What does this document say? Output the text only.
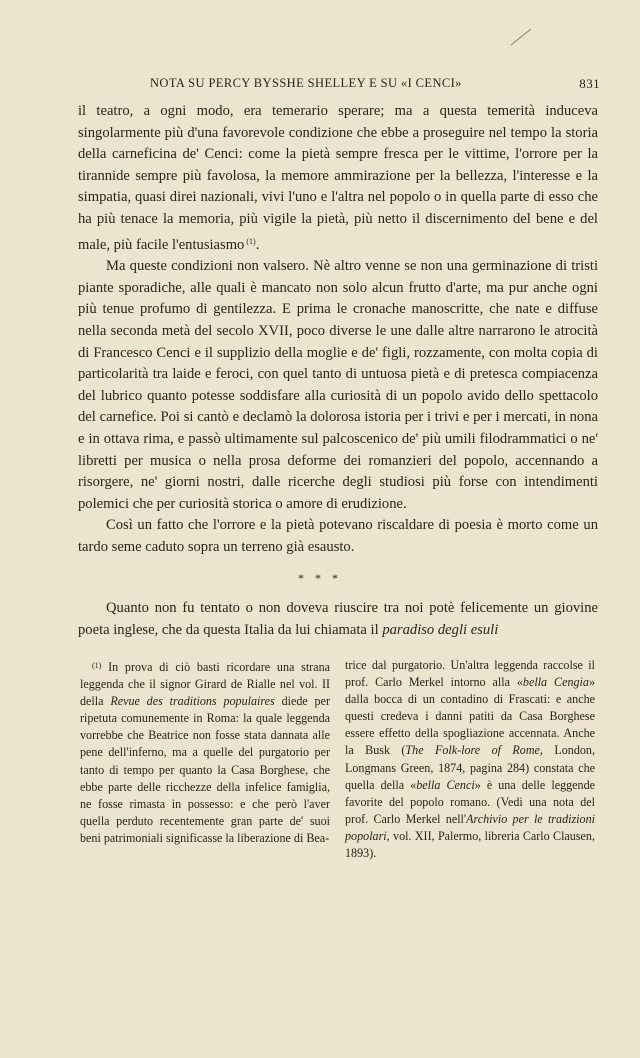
NOTA SU PERCY BYSSHE SHELLEY E SU «I CENCI»	831

il teatro, a ogni modo, era temerario sperare; ma a questa temerità induceva singolarmente più d'una favorevole condizione che ebbe a proseguire nel tempo la storia della carneficina de' Cenci: come la pietà sempre fresca per le vittime, l'orrore per la tirannide sempre più favolosa, la memore ammirazione per la bellezza, l'interesse e la simpatia, quasi direi nazionali, vivi l'uno e l'altra nel popolo o in quella parte di esso che ha più tenace la memoria, più vigile la pietà, più netto il discernimento del bene e del male, più facile l'entusiasmo $^{(1)}$.

Ma queste condizioni non valsero. Nè altro venne se non una germinazione di tristi piante sporadiche, alle quali è mancato non solo alcun frutto d'arte, ma pur anche ogni più tenue profumo di gentilezza. E prima le cronache manoscritte, che nate e diffuse nella seconda metà del secolo XVII, poco diverse le une dalle altre narrarono le atrocità di Francesco Cenci e il supplizio della moglie e de' figli, rozzamente, con molta copia di particolarità tra laide e feroci, con quel tanto di untuosa pietà e di pretesca compiacenza del lubrico quanto potesse soddisfare alla curiosità di un popolo avido dello spettacolo del carnefice. Poi si cantò e declamò la dolorosa istoria per i trivi e per i mercati, in nona e in ottava rima, e passò ultimamente sul palcoscenico de' più umili filodrammatici o ne' libretti per musica o nella prosa deforme dei romanzieri del popolo, accennando a risorgere, ne' giorni nostri, dalle ricerche degli studiosi più forse con intendimenti polemici che per curiosità storica o amore di erudizione.

Così un fatto che l'orrore e la pietà potevano riscaldare di poesia è morto come un tardo seme caduto sopra un terreno già esausto.

* * *

Quanto non fu tentato o non doveva riuscire tra noi potè felicemente un giovine poeta inglese, che da questa Italia da lui chiamata il paradiso degli esuli

$^{(1)}$ In prova di ciò basti ricordare una strana leggenda che il signor Girard de Rialle nel vol. II della Revue des traditions populaires diede per ripetuta comunemente in Roma: la quale leggenda vorrebbe che Beatrice non fosse stata dannata alle pene dell'inferno, ma a quelle del purgatorio per tanto di tempo per quanto la Casa Borghese, che ebbe parte delle ricchezze della infelice famiglia, ne fosse rimasta in possesso: e che però l'aver quella perduto recentemente gran parte de' suoi beni patrimoniali significasse la liberazione di Bea-

trice dal purgatorio. Un'altra leggenda raccolse il prof. Carlo Merkel intorno alla «bella Cengia» dalla bocca di un contadino di Frascati: e anche questi credeva i danni patiti da Casa Borghese essere effetto della spogliazione accennata. Anche la Busk (The Folk-lore of Rome, London, Longmans Green, 1874, pagina 284) constata che quella della «bella Cenci» è una delle leggende favorite del popolo romano. (Vedi una nota del prof. Carlo Merkel nell'Archivio per le tradizioni popolari, vol. XII, Palermo, libreria Carlo Clausen, 1893).
